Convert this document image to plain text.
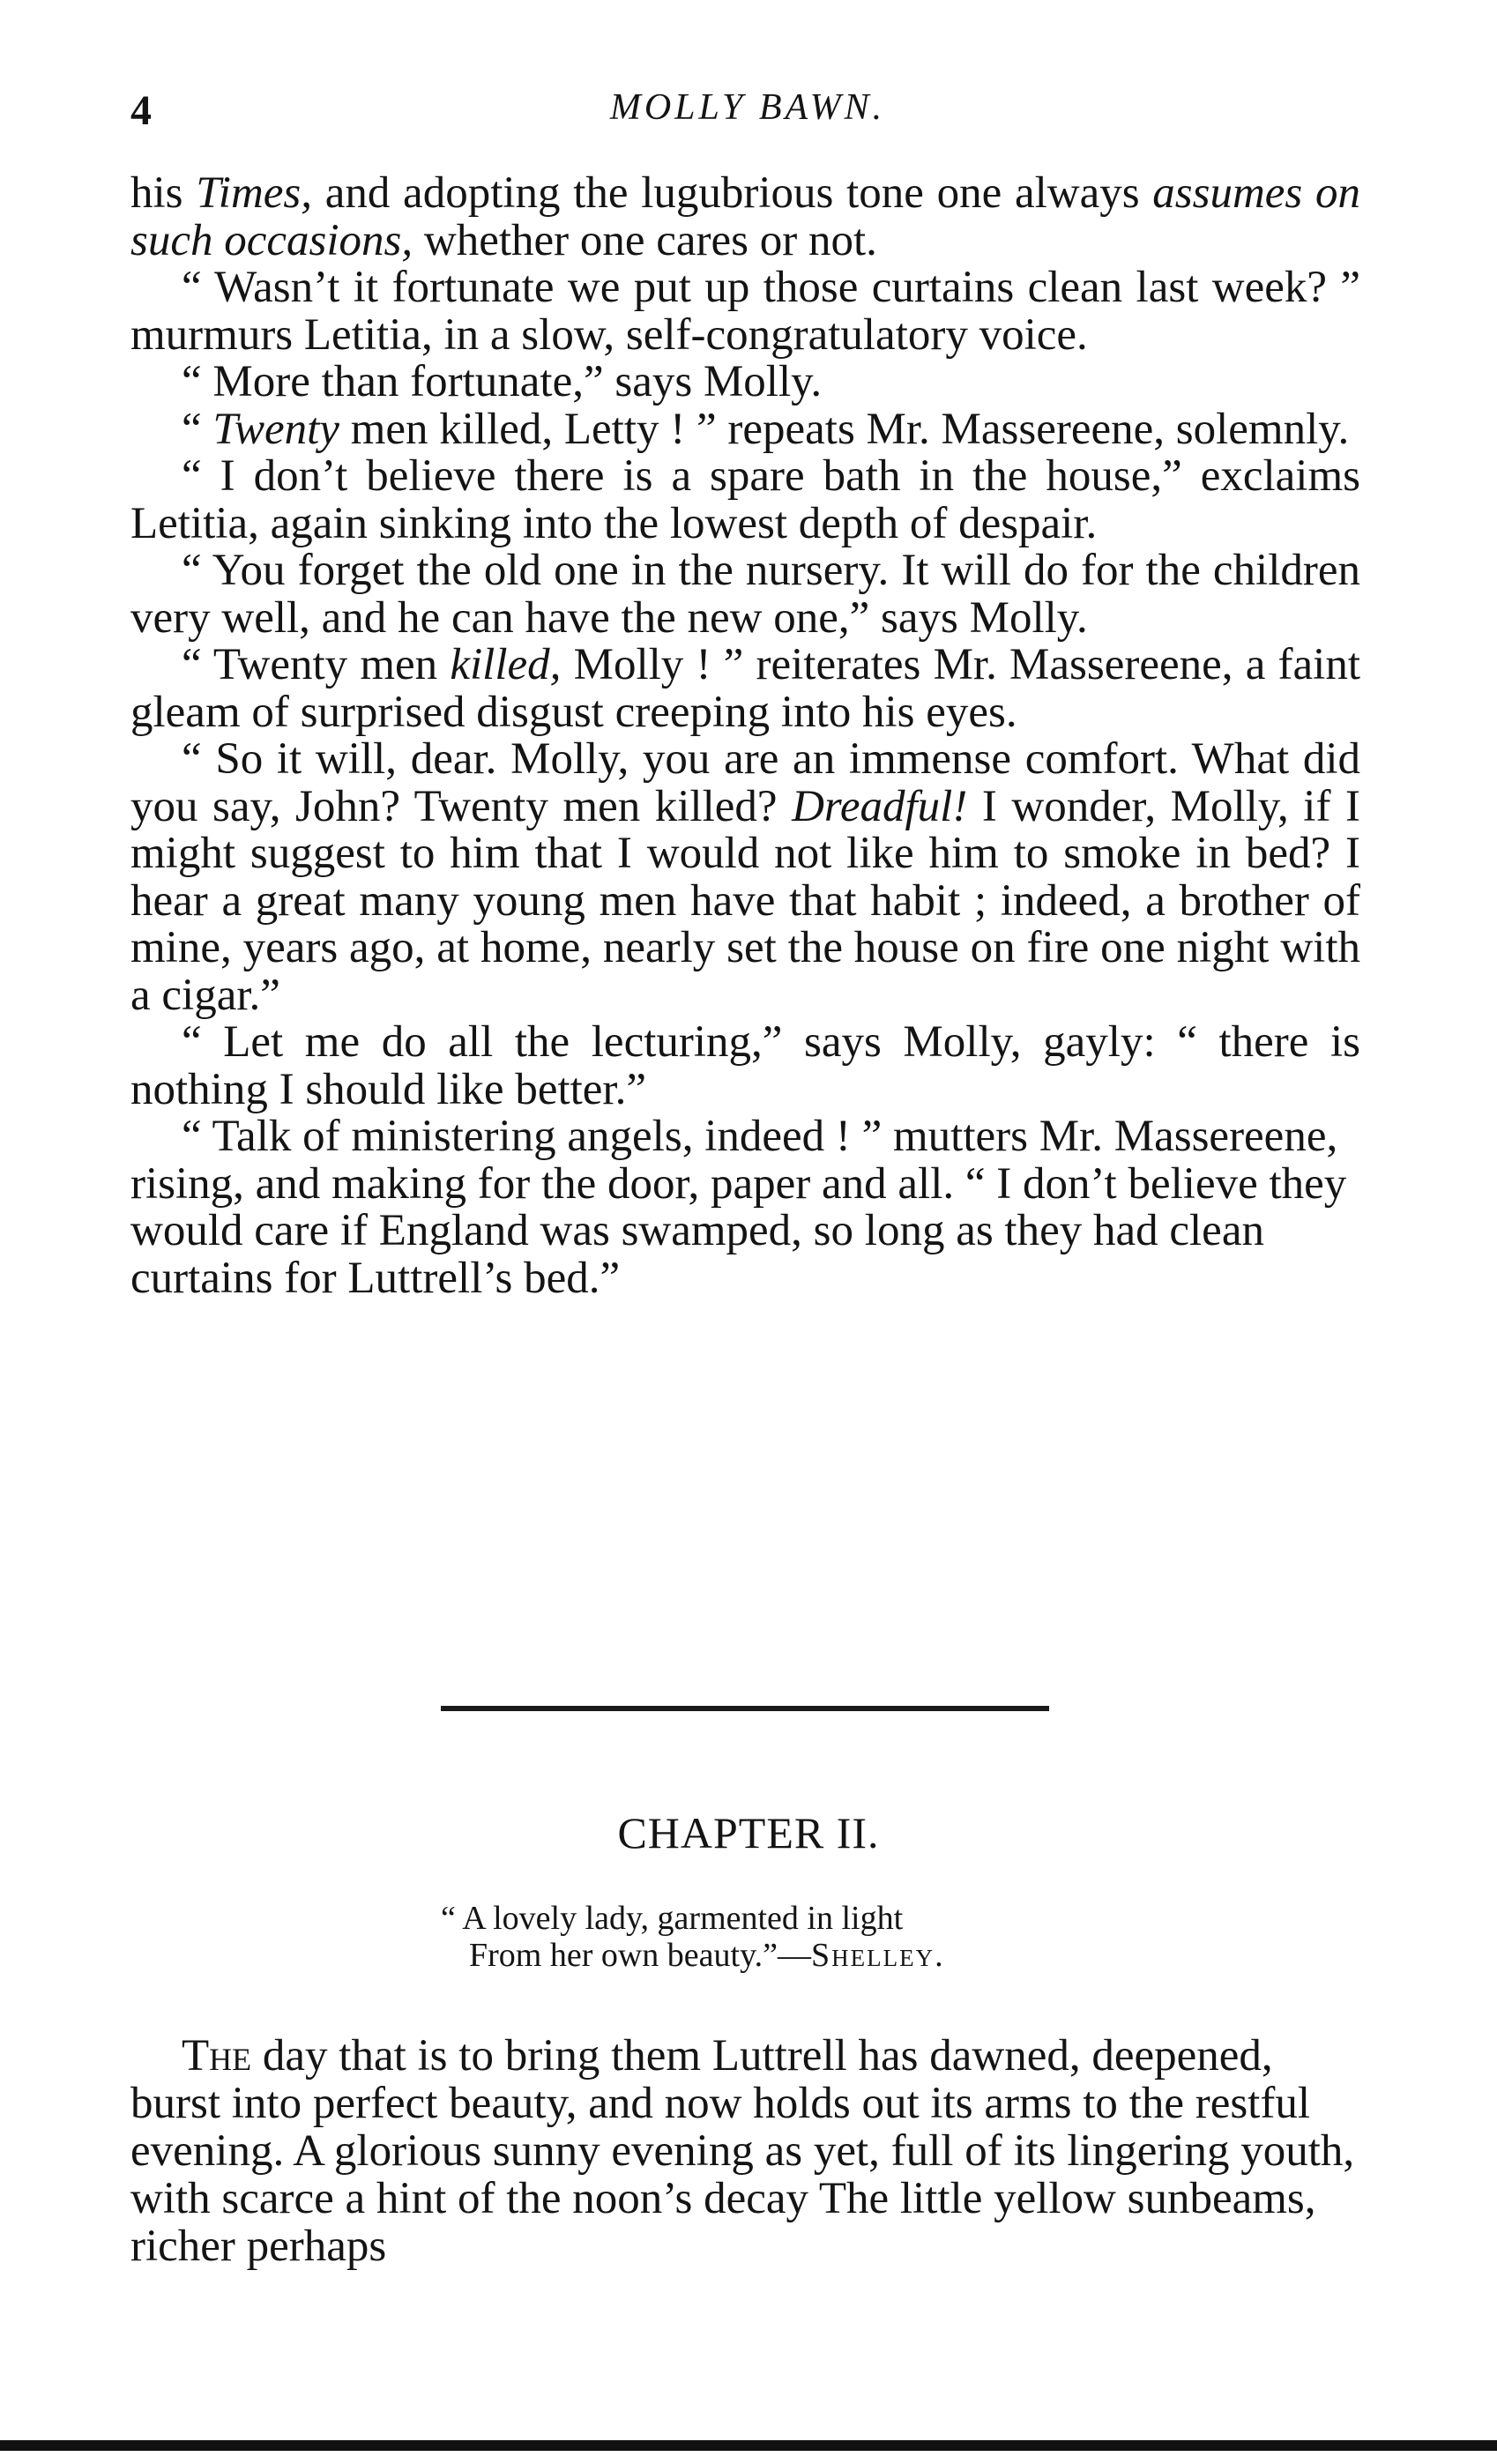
4	MOLLY BAWN.

his Times, and adopting the lugubrious tone one always assumes on such occasions, whether one cares or not.

“ Wasn’t it fortunate we put up those curtains clean last week? ” murmurs Letitia, in a slow, self-congratulatory voice.

“ More than fortunate,” says Molly.

“ Twenty men killed, Letty ! ” repeats Mr. Massereene, solemnly.

“ I don’t believe there is a spare bath in the house,” exclaims Letitia, again sinking into the lowest depth of despair.

“ You forget the old one in the nursery. It will do for the children very well, and he can have the new one,” says Molly.

“ Twenty men killed, Molly ! ” reiterates Mr. Massereene, a faint gleam of surprised disgust creeping into his eyes.

“ So it will, dear. Molly, you are an immense comfort. What did you say, John? Twenty men killed? Dreadful! I wonder, Molly, if I might suggest to him that I would not like him to smoke in bed? I hear a great many young men have that habit ; indeed, a brother of mine, years ago, at home, nearly set the house on fire one night with a cigar.”

“ Let me do all the lecturing,” says Molly, gayly: “ there is nothing I should like better.”

“ Talk of ministering angels, indeed ! ” mutters Mr. Massereene, rising, and making for the door, paper and all. “ I don’t believe they would care if England was swamped, so long as they had clean curtains for Luttrell’s bed.”

CHAPTER II.
“ A lovely lady, garmented in light
From her own beauty.”—Shelley.

The day that is to bring them Luttrell has dawned, deepened, burst into perfect beauty, and now holds out its arms to the restful evening. A glorious sunny evening as yet, full of its lingering youth, with scarce a hint of the noon’s decay The little yellow sunbeams, richer perhaps
